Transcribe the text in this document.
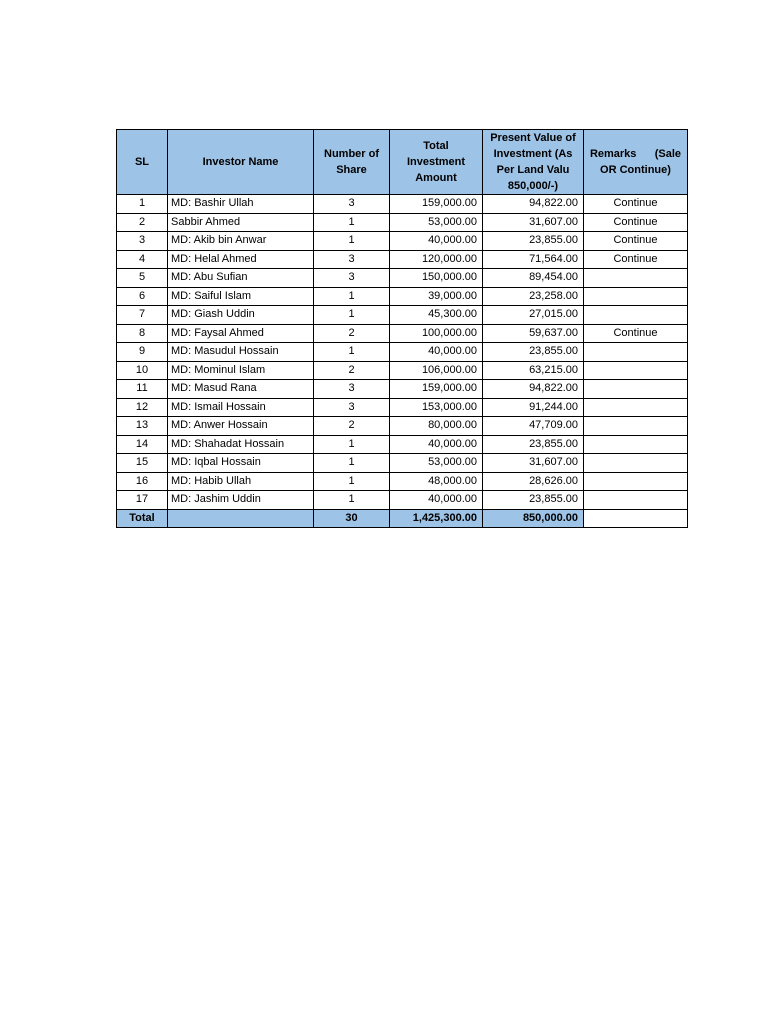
SL	Investor Name	Number of Share	Total Investment Amount	Present Value of Investment (As Per Land Valu 850,000/-)	Remarks      (Sale OR Continue)
1	MD: Bashir Ullah	3	159,000.00	94,822.00	Continue
2	Sabbir Ahmed	1	53,000.00	31,607.00	Continue
3	MD: Akib bin Anwar	1	40,000.00	23,855.00	Continue
4	MD: Helal Ahmed	3	120,000.00	71,564.00	Continue
5	MD: Abu Sufian	3	150,000.00	89,454.00	
6	MD: Saiful Islam	1	39,000.00	23,258.00	
7	MD: Giash Uddin	1	45,300.00	27,015.00	
8	MD: Faysal Ahmed	2	100,000.00	59,637.00	Continue
9	MD: Masudul Hossain	1	40,000.00	23,855.00	
10	MD: Mominul Islam	2	106,000.00	63,215.00	
11	MD: Masud Rana	3	159,000.00	94,822.00	
12	MD: Ismail Hossain	3	153,000.00	91,244.00	
13	MD: Anwer Hossain	2	80,000.00	47,709.00	
14	MD: Shahadat Hossain	1	40,000.00	23,855.00	
15	MD: Iqbal Hossain	1	53,000.00	31,607.00	
16	MD: Habib Ullah	1	48,000.00	28,626.00	
17	MD: Jashim Uddin	1	40,000.00	23,855.00	
Total		30	1,425,300.00	850,000.00	
